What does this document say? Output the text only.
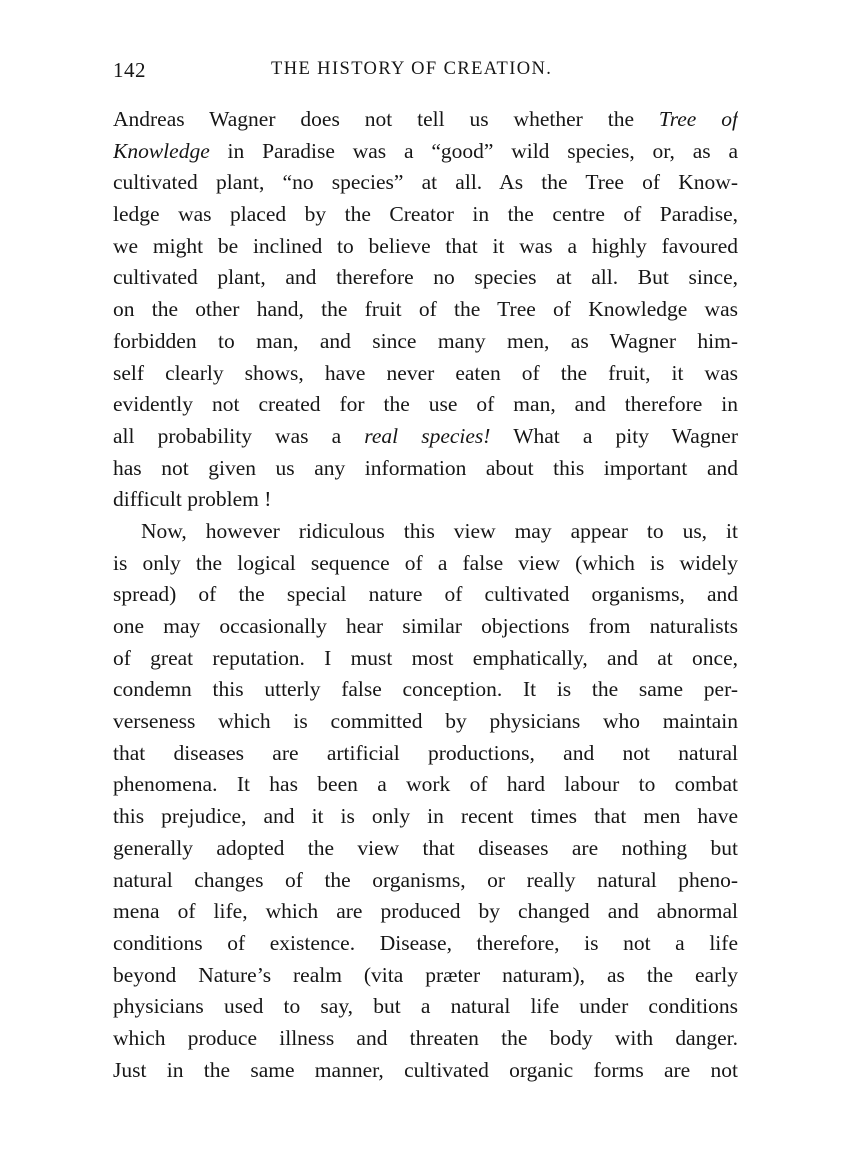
142	THE HISTORY OF CREATION.
Andreas Wagner does not tell us whether the Tree of
Knowledge in Paradise was a “good” wild species, or, as a
cultivated plant, “no species” at all. As the Tree of Know-
ledge was placed by the Creator in the centre of Paradise,
we might be inclined to believe that it was a highly favoured
cultivated plant, and therefore no species at all. But since,
on the other hand, the fruit of the Tree of Knowledge was
forbidden to man, and since many men, as Wagner him-
self clearly shows, have never eaten of the fruit, it was
evidently not created for the use of man, and therefore in
all probability was a real species! What a pity Wagner
has not given us any information about this important and
difficult problem !
Now, however ridiculous this view may appear to us, it
is only the logical sequence of a false view (which is widely
spread) of the special nature of cultivated organisms, and
one may occasionally hear similar objections from naturalists
of great reputation. I must most emphatically, and at once,
condemn this utterly false conception. It is the same per-
verseness which is committed by physicians who maintain
that diseases are artificial productions, and not natural
phenomena. It has been a work of hard labour to combat
this prejudice, and it is only in recent times that men have
generally adopted the view that diseases are nothing but
natural changes of the organisms, or really natural pheno-
mena of life, which are produced by changed and abnormal
conditions of existence. Disease, therefore, is not a life
beyond Nature’s realm (vita præter naturam), as the early
physicians used to say, but a natural life under conditions
which produce illness and threaten the body with danger.
Just in the same manner, cultivated organic forms are not
